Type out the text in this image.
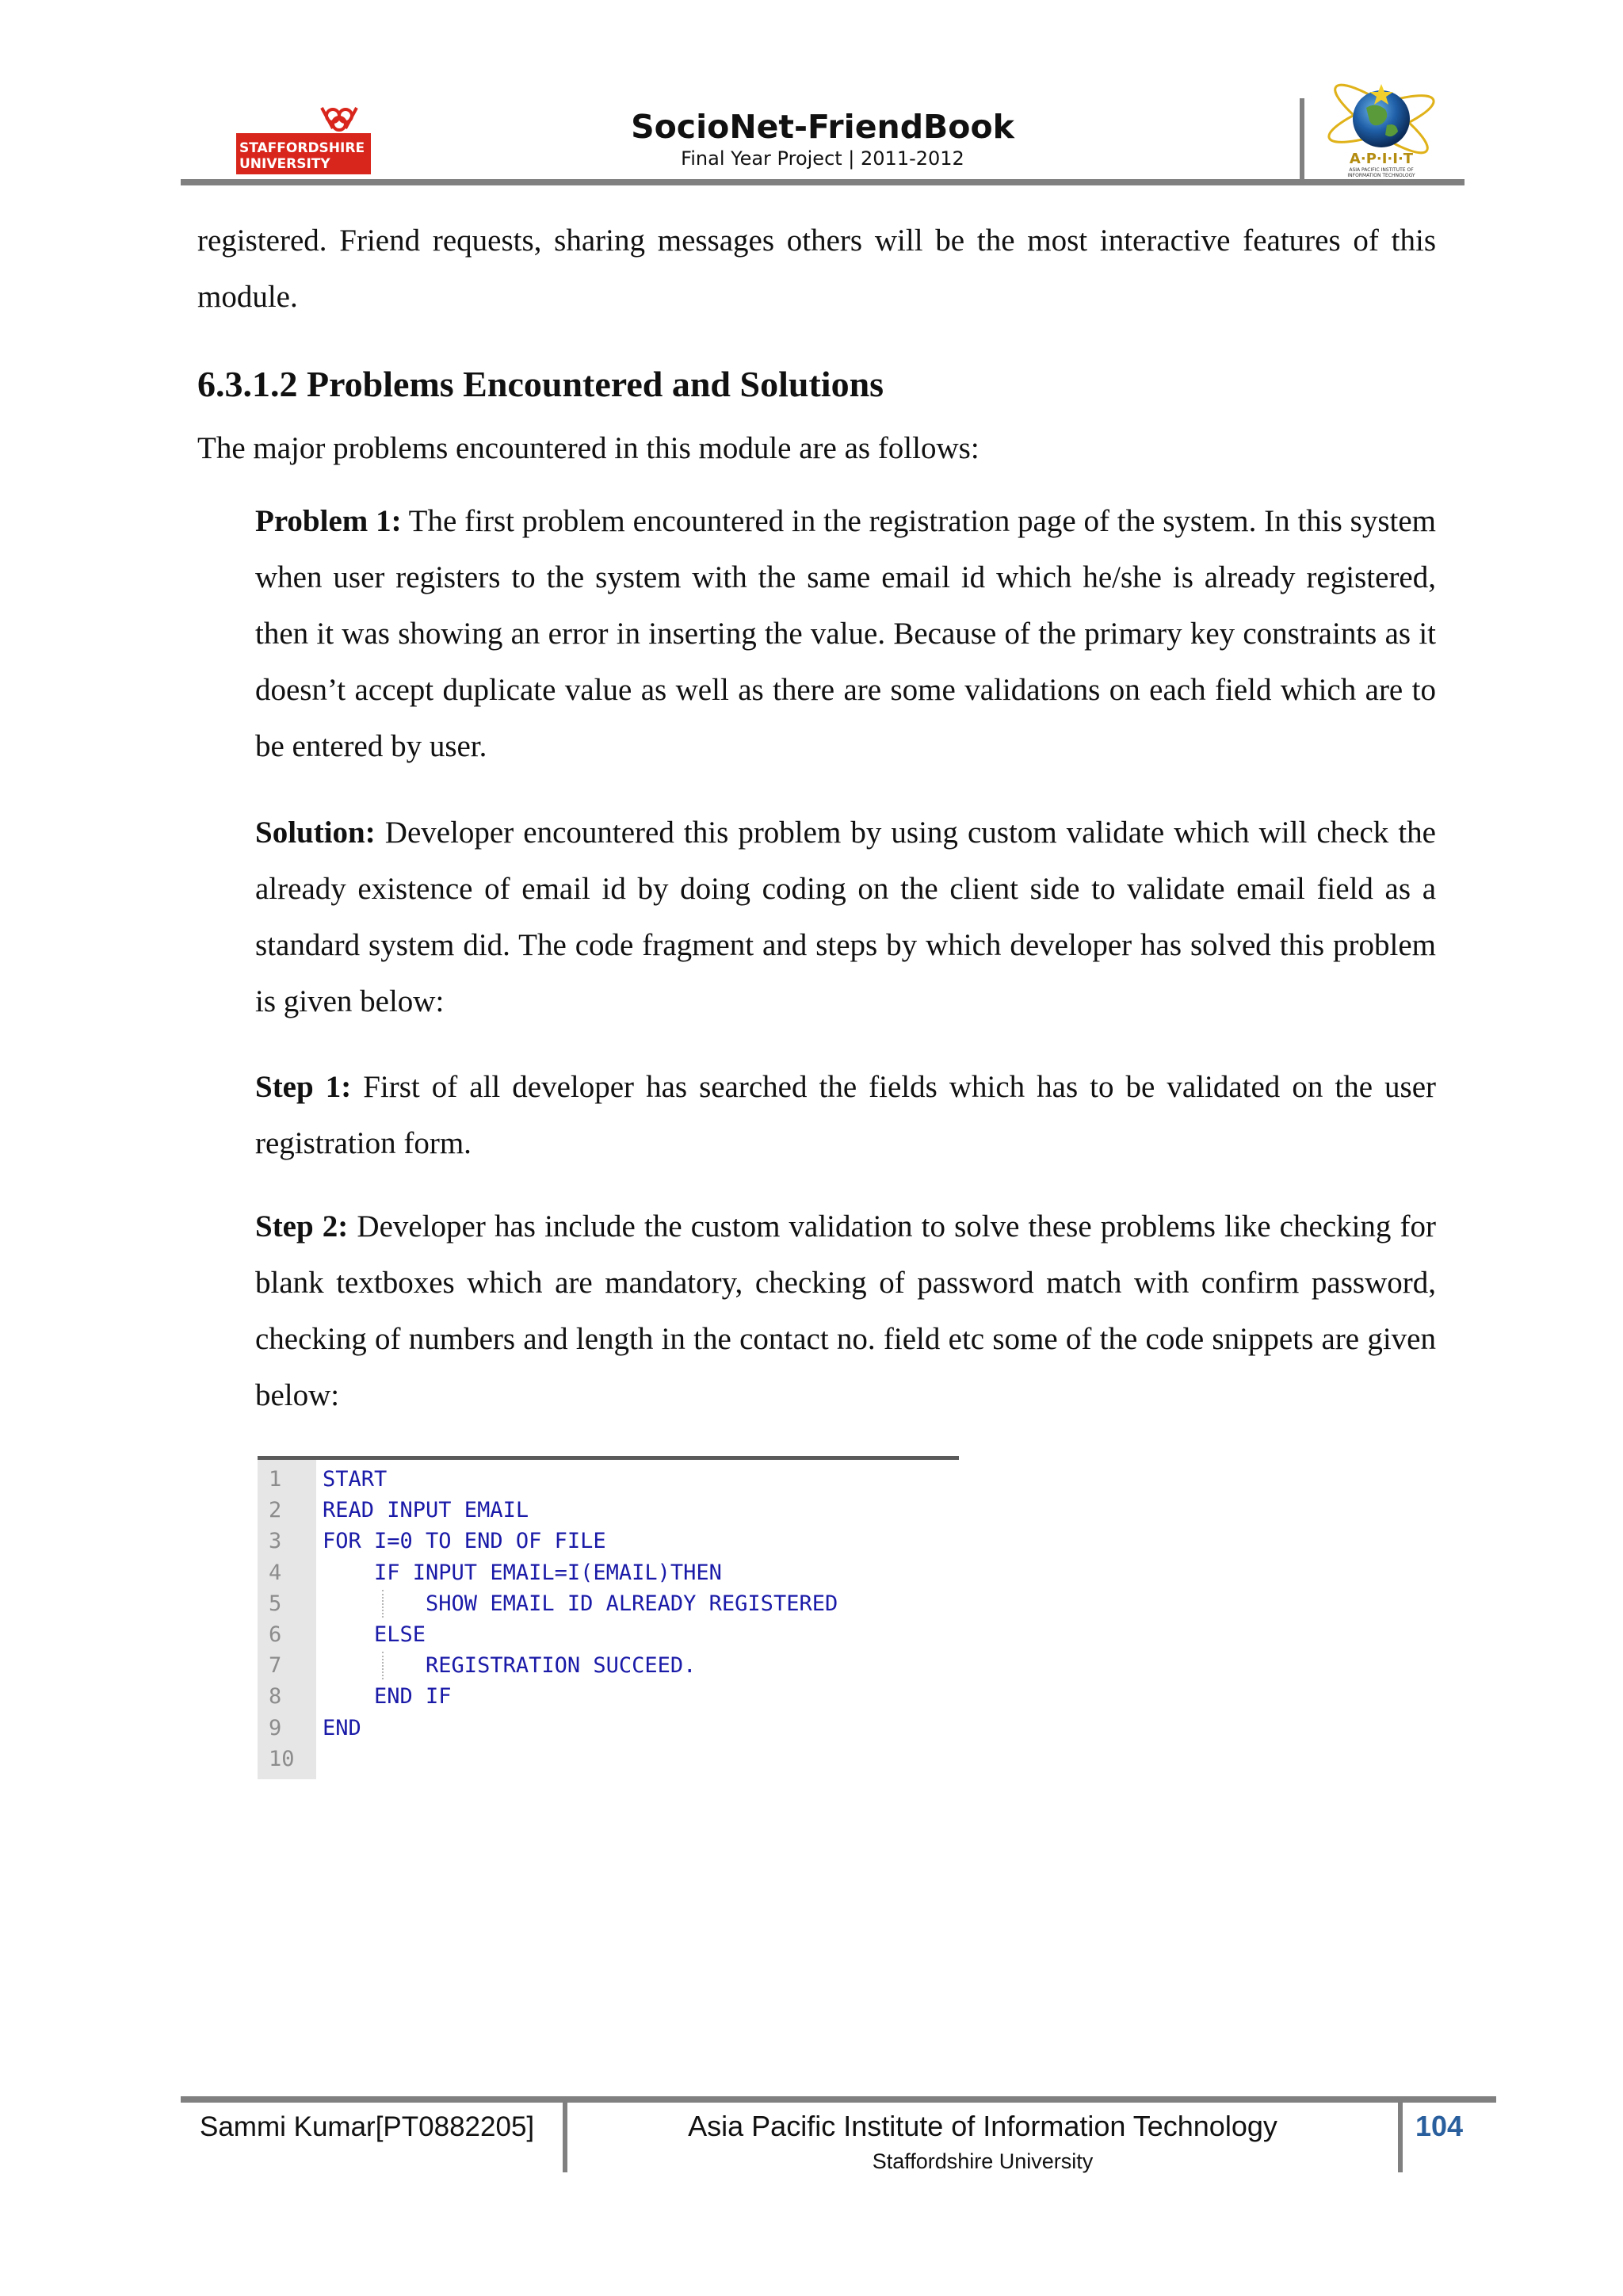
STAFFORDSHIRE
UNIVERSITY
SocioNet-FriendBook
Final Year Project | 2011-2012	A·P·I·I·T
ASIA PACIFIC INSTITUTE OF
INFORMATION TECHNOLOGY

registered. Friend requests, sharing messages others will be the most interactive features of this module.

6.3.1.2 Problems Encountered and Solutions

The major problems encountered in this module are as follows:

Problem 1: The first problem encountered in the registration page of the system. In this system when user registers to the system with the same email id which he/she is already registered, then it was showing an error in inserting the value. Because of the primary key constraints as it doesn’t accept duplicate value as well as there are some validations on each field which are to be entered by user.

Solution: Developer encountered this problem by using custom validate which will check the already existence of email id by doing coding on the client side to validate email field as a standard system did. The code fragment and steps by which developer has solved this problem is given below:

Step 1: First of all developer has searched the fields which has to be validated on the user registration form.

Step 2: Developer has include the custom validation to solve these problems like checking for blank textboxes which are mandatory, checking of password match with confirm password, checking of numbers and length in the contact no. field etc some of the code snippets are given below:

1	START
2	READ INPUT EMAIL
3	FOR I=0 TO END OF FILE
4	IF INPUT EMAIL=I(EMAIL)THEN
5	SHOW EMAIL ID ALREADY REGISTERED
6	ELSE
7	REGISTRATION SUCCEED.
8	END IF
9	END
10
Sammi Kumar[PT0882205]	Asia Pacific Institute of Information Technology
Staffordshire University
104
